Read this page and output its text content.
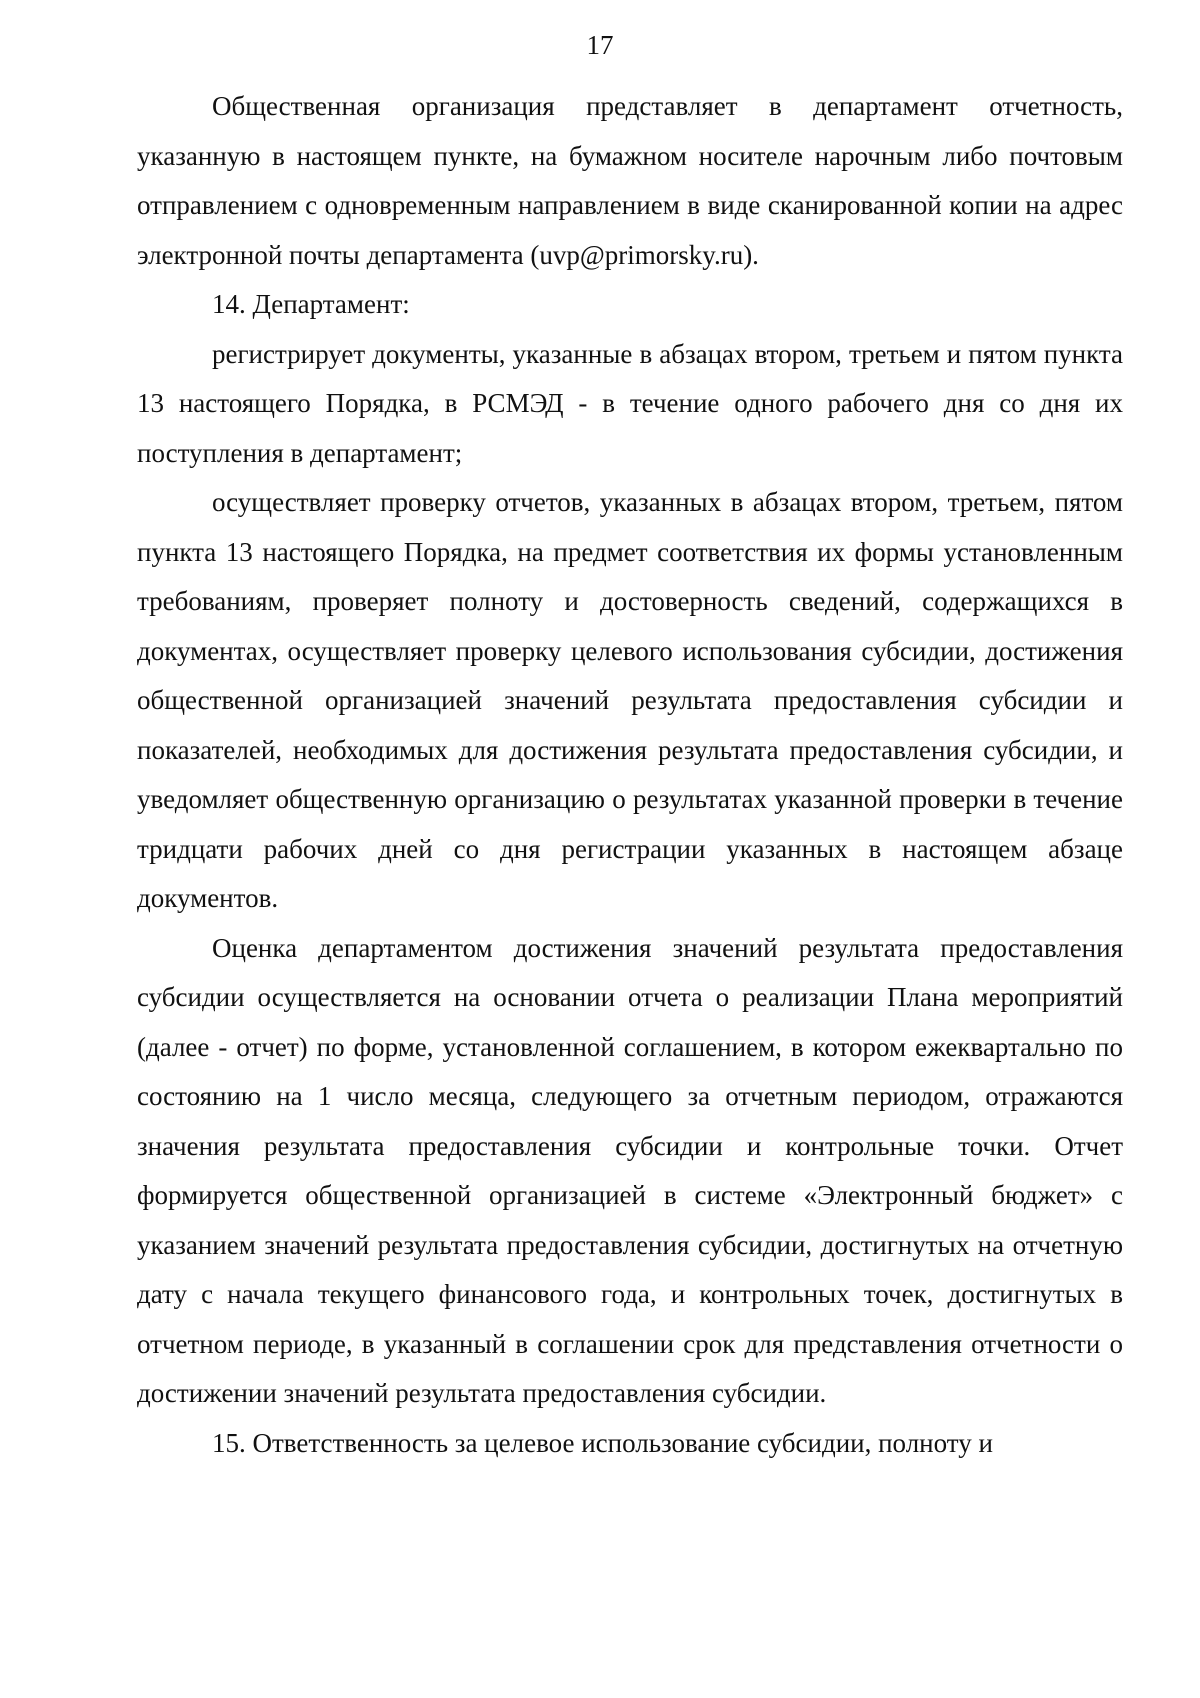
17

Общественная организация представляет в департамент отчетность, указанную в настоящем пункте, на бумажном носителе нарочным либо почтовым отправлением с одновременным направлением в виде сканированной копии на адрес электронной почты департамента (uvp@primorsky.ru).

14. Департамент:

регистрирует документы, указанные в абзацах втором, третьем и пятом пункта 13 настоящего Порядка, в РСМЭД - в течение одного рабочего дня со дня их поступления в департамент;

осуществляет проверку отчетов, указанных в абзацах втором, третьем, пятом пункта 13 настоящего Порядка, на предмет соответствия их формы установленным требованиям, проверяет полноту и достоверность сведений, содержащихся в документах, осуществляет проверку целевого использования субсидии, достижения общественной организацией значений результата предоставления субсидии и показателей, необходимых для достижения результата предоставления субсидии, и уведомляет общественную организацию о результатах указанной проверки в течение тридцати рабочих дней со дня регистрации указанных в настоящем абзаце документов.

Оценка департаментом достижения значений результата предоставления субсидии осуществляется на основании отчета о реализации Плана мероприятий (далее - отчет) по форме, установленной соглашением, в котором ежеквартально по состоянию на 1 число месяца, следующего за отчетным периодом, отражаются значения результата предоставления субсидии и контрольные точки. Отчет формируется общественной организацией в системе «Электронный бюджет» с указанием значений результата предоставления субсидии, достигнутых на отчетную дату с начала текущего финансового года, и контрольных точек, достигнутых в отчетном периоде, в указанный в соглашении срок для представления отчетности о достижении значений результата предоставления субсидии.

15. Ответственность за целевое использование субсидии, полноту и
